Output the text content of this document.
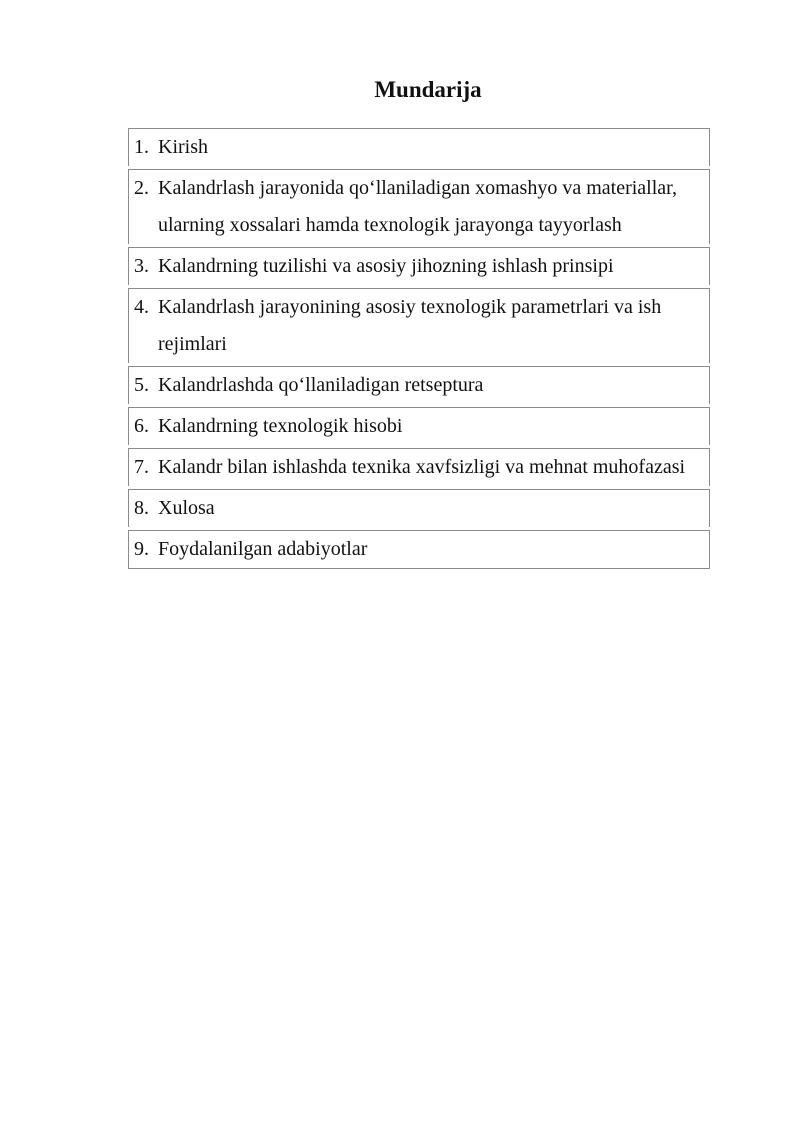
Mundarija
1. Kirish
2. Kalandrlash jarayonida qo‘llaniladigan xomashyo va materiallar, ularning xossalari hamda texnologik jarayonga tayyorlash
3. Kalandrning tuzilishi va asosiy jihozning ishlash prinsipi
4. Kalandrlash jarayonining asosiy texnologik parametrlari va ish rejimlari
5. Kalandrlashda qo‘llaniladigan retseptura
6. Kalandrning texnologik hisobi
7. Kalandr bilan ishlashda texnika xavfsizligi va mehnat muhofazasi
8. Xulosa
9. Foydalanilgan adabiyotlar
